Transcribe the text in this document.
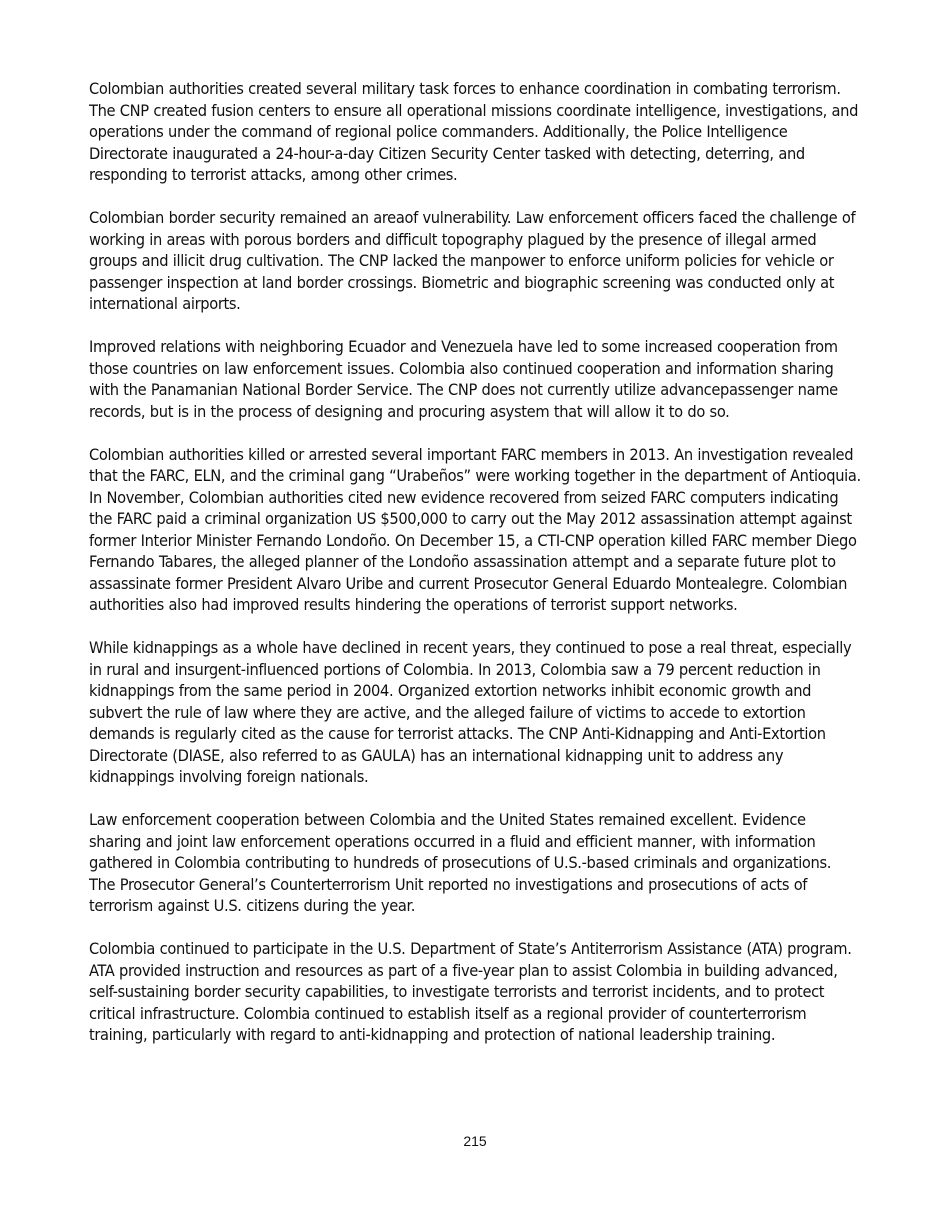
Colombian authorities created several military task forces to enhance coordination in combating terrorism. The CNP created fusion centers to ensure all operational missions coordinate intelligence, investigations, and operations under the command of regional police commanders. Additionally, the Police Intelligence Directorate inaugurated a 24-hour-a-day Citizen Security Center tasked with detecting, deterring, and responding to terrorist attacks, among other crimes.

Colombian border security remained an areaof vulnerability. Law enforcement officers faced the challenge of working in areas with porous borders and difficult topography plagued by the presence of illegal armed groups and illicit drug cultivation. The CNP lacked the manpower to enforce uniform policies for vehicle or passenger inspection at land border crossings. Biometric and biographic screening was conducted only at international airports.

Improved relations with neighboring Ecuador and Venezuela have led to some increased cooperation from those countries on law enforcement issues. Colombia also continued cooperation and information sharing with the Panamanian National Border Service. The CNP does not currently utilize advancepassenger name records, but is in the process of designing and procuring asystem that will allow it to do so.

Colombian authorities killed or arrested several important FARC members in 2013. An investigation revealed that the FARC, ELN, and the criminal gang “Urabeños” were working together in the department of Antioquia. In November, Colombian authorities cited new evidence recovered from seized FARC computers indicating the FARC paid a criminal organization US $500,000 to carry out the May 2012 assassination attempt against former Interior Minister Fernando Londoño. On December 15, a CTI-CNP operation killed FARC member Diego Fernando Tabares, the alleged planner of the Londoño assassination attempt and a separate future plot to assassinate former President Alvaro Uribe and current Prosecutor General Eduardo Montealegre. Colombian authorities also had improved results hindering the operations of terrorist support networks.

While kidnappings as a whole have declined in recent years, they continued to pose a real threat, especially in rural and insurgent-influenced portions of Colombia. In 2013, Colombia saw a 79 percent reduction in kidnappings from the same period in 2004. Organized extortion networks inhibit economic growth and subvert the rule of law where they are active, and the alleged failure of victims to accede to extortion demands is regularly cited as the cause for terrorist attacks. The CNP Anti-Kidnapping and Anti-Extortion Directorate (DIASE, also referred to as GAULA) has an international kidnapping unit to address any kidnappings involving foreign nationals.

Law enforcement cooperation between Colombia and the United States remained excellent. Evidence sharing and joint law enforcement operations occurred in a fluid and efficient manner, with information gathered in Colombia contributing to hundreds of prosecutions of U.S.-based criminals and organizations. The Prosecutor General’s Counterterrorism Unit reported no investigations and prosecutions of acts of terrorism against U.S. citizens during the year.

Colombia continued to participate in the U.S. Department of State’s Antiterrorism Assistance (ATA) program. ATA provided instruction and resources as part of a five-year plan to assist Colombia in building advanced, self-sustaining border security capabilities, to investigate terrorists and terrorist incidents, and to protect critical infrastructure. Colombia continued to establish itself as a regional provider of counterterrorism training, particularly with regard to anti-kidnapping and protection of national leadership training.

215
